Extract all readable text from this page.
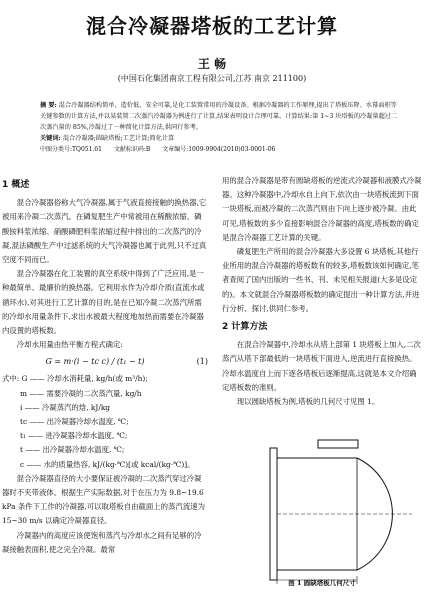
混合冷凝器塔板的工艺计算
王 畅
(中国石化集团南京工程有限公司,江苏 南京 211100)

摘 要: 混合冷凝器结构简单、造价低、安全可靠,是化工装置常用的冷凝设备。根据冷凝器的工作原理,提出了塔板压降、水幕面积等关键参数的计算方法,并以某装置二次蒸汽冷凝器为例进行了计算,结果表明设计合理可靠。计算结果:第 1~3 块塔板的冷凝量超过二次蒸汽量的 85%,冷凝过了一种简化计算方法,供同行参考。

关键词: 混合冷凝器;圆缺塔板;工艺计算;简化计算

中图分类号:TQ051.61 文献标识码:B 文章编号:1009-9904(2010)03-0001-06

1 概述

混合冷凝器俗称大气冷凝器,属于气液直接接触的换热器,它被用来冷凝二次蒸汽。在磷复肥生产中常被用在稀酸浓缩、磷酸铵料浆浓缩、硝酸磷肥料浆浓缩过程中排出的二次蒸汽的冷凝,混法磷酸生产中过滤系统的大气冷凝器也属于此列,只不过真空度不同而已。

混合冷凝器在化工装置的真空系统中得到了广泛应用,是一种最简单、最廉价的换热器。它利用水作为冷却介质(直流水或循环水),对其进行工艺计算的目的,是在已知冷凝二次蒸汽所需的冷却水用量条件下,求出水被最大程度地加热而需要在冷凝器内设置的塔板数。

冷却水用量由热平衡方程式确定:

G = m·(i − tc c) / (t₁ − t)	(1)

式中: G —— 冷却水消耗量, kg/h(或 m³/h);

m —— 需要冷凝的二次蒸汽量, kg/h

i —— 冷凝蒸汽的焓, kJ/kg

tc —— 出冷凝器冷却水温度, ℃;

t₁ —— 进冷凝器冷却水温度, ℃;

t —— 出冷凝器冷却水温度, ℃;

c —— 水的质量热容, kJ/(kg·℃)[或 kcal/(kg·℃)]。

混合冷凝器直径的大小要保证被冷凝的二次蒸汽穿过冷凝器时不夹带液体。根据生产实际数据,对于在压力为 9.8~19.6 kPa 条件下工作的冷凝器,可以取塔板自由截面上的蒸汽流速为 15~30 m/s 以确定冷凝器直径。

冷凝器内的高度应该使饱和蒸汽与冷却水之间有足够的冷凝接触表面积,使之完全冷凝。最常

用的混合冷凝器是带有圆缺塔板的逆流式冷凝器和液膜式冷凝器。这种冷凝器中,冷却水自上向下,依次由一块塔板流到下面一块塔板,而被冷凝的二次蒸汽则由下向上逐步被冷凝。由此可见,塔板数的多少直接影响混合冷凝器的高度,塔板数的确定是混合冷凝器工艺计算的关键。

磷复肥生产所用的混合冷凝器大多设置 6 块塔板,其他行业所用的混合冷凝器的塔板数有的较多,塔板数该如何确定,笔者查阅了国内出版的一些书、刊、未见相关报道(大多是设定的)。本文就混合冷凝器塔板数的确定提出一种计算方法,并进行分析、探讨,供同仁参考。

2 计算方法

在混合冷凝器中,冷却水从塔上部第 1 块塔板上加入,二次蒸汽从塔下部最低的一块塔板下面进入,逆流进行直接换热。冷却水温度自上而下逐各塔板后逐渐提高,这就是本文介绍确定塔板数的准则。

现以圆缺塔板为例,塔板的几何尺寸见图 1。

图 1 圆缺塔板几何尺寸
